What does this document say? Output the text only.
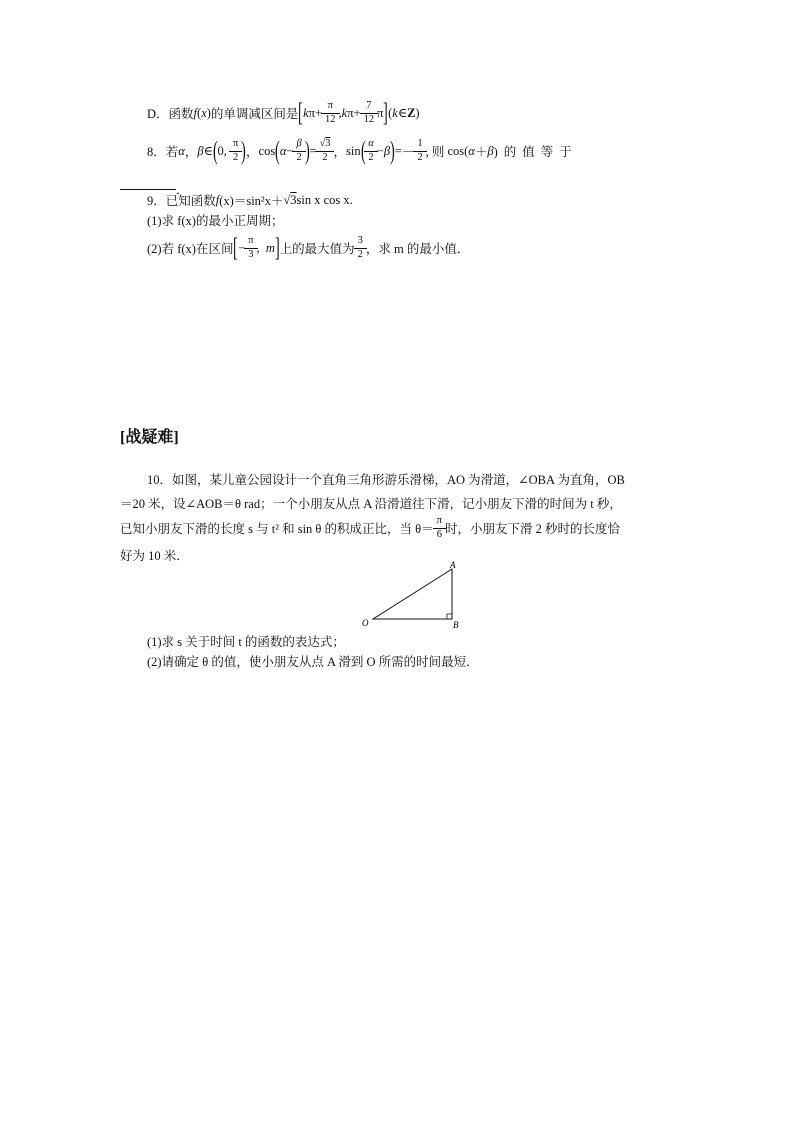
D．函数 f ( x ) 的单调减区间是 [ k $\pi + \frac{\pi}{12}$ , k $\pi + \frac{7}{12}$ π ] ( k∈ Z )
8．若 α ， β ∈ ( 0 , $\frac{\pi}{2}$ ) ， cos ( $\alpha - \frac{\beta}{2}$ ) = $\frac{√3}{2}$ ， sin ( $\frac{\alpha}{2} - \beta$ ) = － $\frac{1}{2}$ , 则
cos( α ＋ β )的值等于
．
9．已知函数 f (x)＝sin²x＋ √ 3 sin x cos x.
(1)求 f(x)的最小正周期；
(2)若 f(x)在区间 [ − $\frac{\pi}{3}$ , m ] 上的最大值为 $\frac{3}{2}$ ，求 m 的最小值．
[战疑难]
10．如图，某儿童公园设计一个直角三角形游乐滑梯，AO 为滑道，∠OBA 为直角，OB
＝20 米，设∠AOB＝θ rad；一个小朋友从点 A 沿滑道往下滑，记小朋友下滑的时间为 t 秒，
已知小朋友下滑的长度 s 与 t² 和 sin θ 的积成正比，当 $\theta= \frac{\pi}{6}$ 时，小朋友下滑 2 秒时的长度恰
好为 10 米．
A
O	B
(1)求 s 关于时间 t 的函数的表达式；
(2)请确定 θ 的值，使小朋友从点 A 滑到 O 所需的时间最短．
